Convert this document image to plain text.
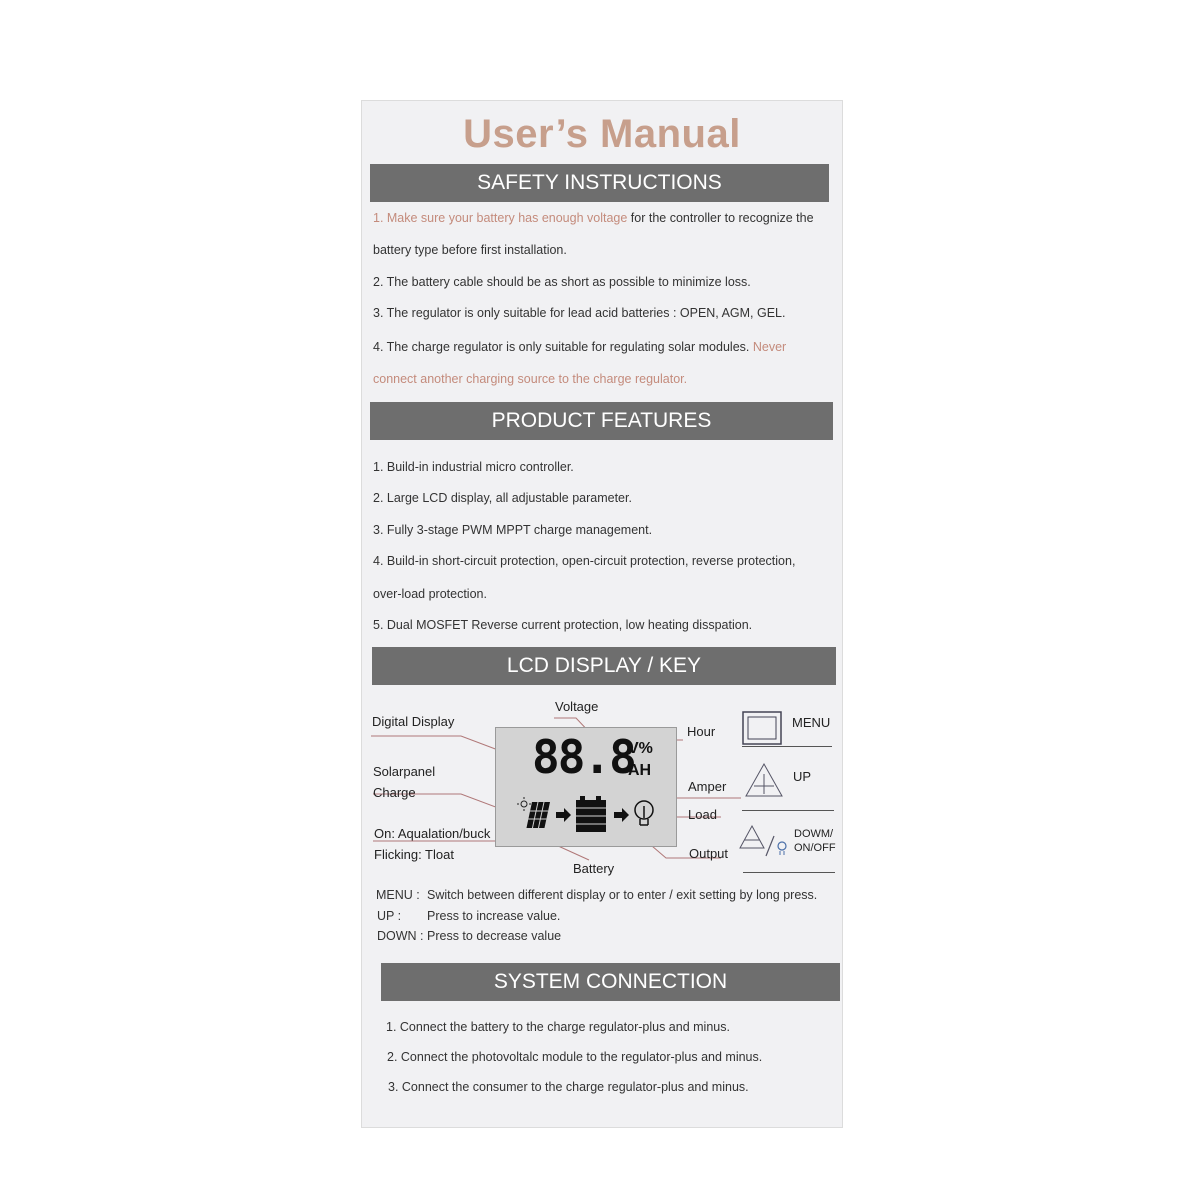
User’s Manual
SAFETY INSTRUCTIONS
1. Make sure your battery has enough voltage for the controller to recognize the
battery type before first installation.
2. The battery cable should be as short as possible to minimize loss.
3. The regulator is only suitable for lead acid batteries : OPEN, AGM, GEL.
4. The charge regulator is only suitable for regulating solar modules. Never
connect another charging source to the charge regulator.
PRODUCT FEATURES
1. Build-in industrial micro controller.
2. Large LCD display, all adjustable parameter.
3. Fully 3-stage PWM MPPT charge management.
4. Build-in short-circuit protection, open-circuit protection, reverse protection,
over-load protection.
5. Dual MOSFET Reverse current protection, low heating disspation.
LCD DISPLAY / KEY
Digital Display
Voltage
Hour
Solarpanel
Charge	Amper
Load
On: Aqualation/buck
Flicking: Tloat	Output
Battery
88.8
V%
AH
MENU
UP
DOWM/
ON/OFF
MENU : Switch between different display or to enter / exit setting by long press.
UP : Press to increase value.
DOWN : Press to decrease value
SYSTEM CONNECTION
1. Connect the battery to the charge regulator-plus and minus.
2. Connect the photovoltalc module to the regulator-plus and minus.
3. Connect the consumer to the charge regulator-plus and minus.
